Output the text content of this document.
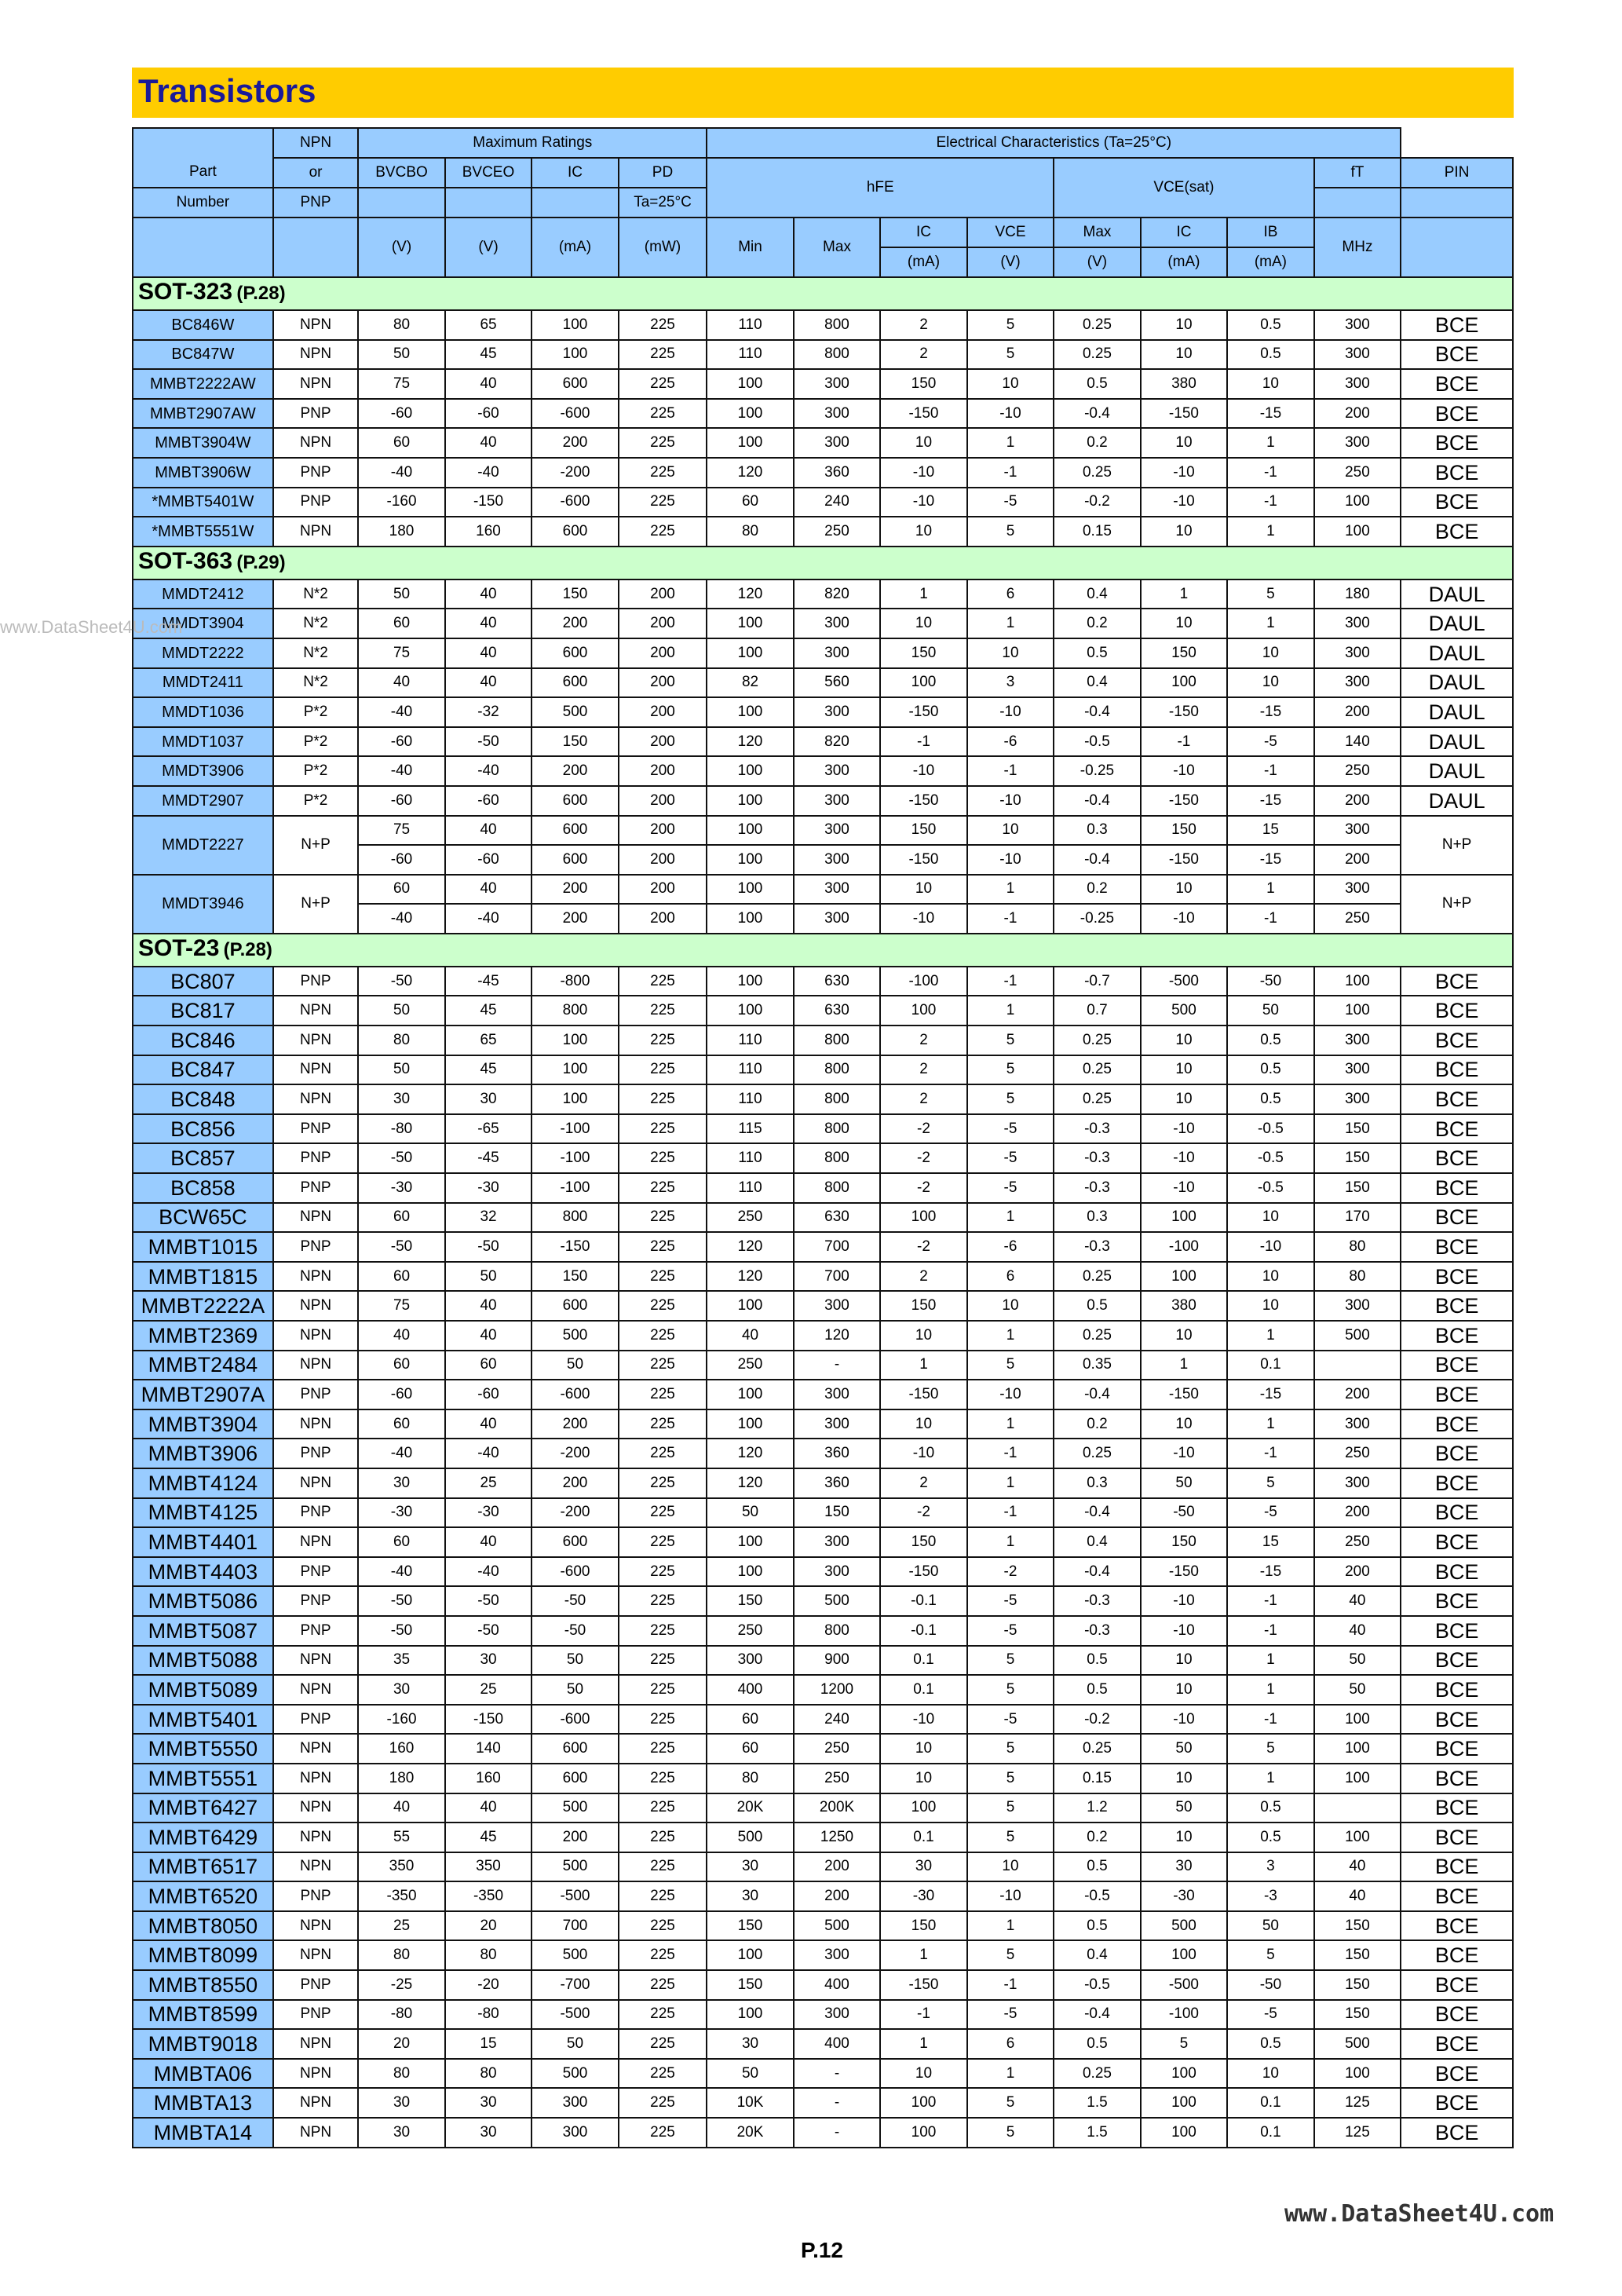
Transistors

Part	NPN	Maximum Ratings				Electrical Characteristics (Ta=25°C)							
	or	BVCBO	BVCEO	IC	PD	hFE				VCE(sat)			fT	PIN
Number	PNP				Ta=25°C									
		(V)	(V)	(mA)	(mW)	Min	Max	IC	VCE	Max	IC	IB	MHz	
								(mA)	(V)	(V)	(mA)	(mA)		
SOT-323 (P.28)														
BC846W	NPN	80	65	100	225	110	800	2	5	0.25	10	0.5	300	BCE
BC847W	NPN	50	45	100	225	110	800	2	5	0.25	10	0.5	300	BCE
MMBT2222AW	NPN	75	40	600	225	100	300	150	10	0.5	380	10	300	BCE
MMBT2907AW	PNP	-60	-60	-600	225	100	300	-150	-10	-0.4	-150	-15	200	BCE
MMBT3904W	NPN	60	40	200	225	100	300	10	1	0.2	10	1	300	BCE
MMBT3906W	PNP	-40	-40	-200	225	120	360	-10	-1	0.25	-10	-1	250	BCE
*MMBT5401W	PNP	-160	-150	-600	225	60	240	-10	-5	-0.2	-10	-1	100	BCE
*MMBT5551W	NPN	180	160	600	225	80	250	10	5	0.15	10	1	100	BCE
SOT-363 (P.29)														
MMDT2412	N*2	50	40	150	200	120	820	1	6	0.4	1	5	180	DAUL
MMDT3904	N*2	60	40	200	200	100	300	10	1	0.2	10	1	300	DAUL
MMDT2222	N*2	75	40	600	200	100	300	150	10	0.5	150	10	300	DAUL
MMDT2411	N*2	40	40	600	200	82	560	100	3	0.4	100	10	300	DAUL
MMDT1036	P*2	-40	-32	500	200	100	300	-150	-10	-0.4	-150	-15	200	DAUL
MMDT1037	P*2	-60	-50	150	200	120	820	-1	-6	-0.5	-1	-5	140	DAUL
MMDT3906	P*2	-40	-40	200	200	100	300	-10	-1	-0.25	-10	-1	250	DAUL
MMDT2907	P*2	-60	-60	600	200	100	300	-150	-10	-0.4	-150	-15	200	DAUL
MMDT2227	N+P	75	40	600	200	100	300	150	10	0.3	150	15	300	N+P
		-60	-60	600	200	100	300	-150	-10	-0.4	-150	-15	200	
MMDT3946	N+P	60	40	200	200	100	300	10	1	0.2	10	1	300	N+P
		-40	-40	200	200	100	300	-10	-1	-0.25	-10	-1	250	
SOT-23 (P.28)														
BC807	PNP	-50	-45	-800	225	100	630	-100	-1	-0.7	-500	-50	100	BCE
BC817	NPN	50	45	800	225	100	630	100	1	0.7	500	50	100	BCE
BC846	NPN	80	65	100	225	110	800	2	5	0.25	10	0.5	300	BCE
BC847	NPN	50	45	100	225	110	800	2	5	0.25	10	0.5	300	BCE
BC848	NPN	30	30	100	225	110	800	2	5	0.25	10	0.5	300	BCE
BC856	PNP	-80	-65	-100	225	115	800	-2	-5	-0.3	-10	-0.5	150	BCE
BC857	PNP	-50	-45	-100	225	110	800	-2	-5	-0.3	-10	-0.5	150	BCE
BC858	PNP	-30	-30	-100	225	110	800	-2	-5	-0.3	-10	-0.5	150	BCE
BCW65C	NPN	60	32	800	225	250	630	100	1	0.3	100	10	170	BCE
MMBT1015	PNP	-50	-50	-150	225	120	700	-2	-6	-0.3	-100	-10	80	BCE
MMBT1815	NPN	60	50	150	225	120	700	2	6	0.25	100	10	80	BCE
MMBT2222A	NPN	75	40	600	225	100	300	150	10	0.5	380	10	300	BCE
MMBT2369	NPN	40	40	500	225	40	120	10	1	0.25	10	1	500	BCE
MMBT2484	NPN	60	60	50	225	250	-	1	5	0.35	1	0.1		BCE
MMBT2907A	PNP	-60	-60	-600	225	100	300	-150	-10	-0.4	-150	-15	200	BCE
MMBT3904	NPN	60	40	200	225	100	300	10	1	0.2	10	1	300	BCE
MMBT3906	PNP	-40	-40	-200	225	120	360	-10	-1	0.25	-10	-1	250	BCE
MMBT4124	NPN	30	25	200	225	120	360	2	1	0.3	50	5	300	BCE
MMBT4125	PNP	-30	-30	-200	225	50	150	-2	-1	-0.4	-50	-5	200	BCE
MMBT4401	NPN	60	40	600	225	100	300	150	1	0.4	150	15	250	BCE
MMBT4403	PNP	-40	-40	-600	225	100	300	-150	-2	-0.4	-150	-15	200	BCE
MMBT5086	PNP	-50	-50	-50	225	150	500	-0.1	-5	-0.3	-10	-1	40	BCE
MMBT5087	PNP	-50	-50	-50	225	250	800	-0.1	-5	-0.3	-10	-1	40	BCE
MMBT5088	NPN	35	30	50	225	300	900	0.1	5	0.5	10	1	50	BCE
MMBT5089	NPN	30	25	50	225	400	1200	0.1	5	0.5	10	1	50	BCE
MMBT5401	PNP	-160	-150	-600	225	60	240	-10	-5	-0.2	-10	-1	100	BCE
MMBT5550	NPN	160	140	600	225	60	250	10	5	0.25	50	5	100	BCE
MMBT5551	NPN	180	160	600	225	80	250	10	5	0.15	10	1	100	BCE
MMBT6427	NPN	40	40	500	225	20K	200K	100	5	1.2	50	0.5		BCE
MMBT6429	NPN	55	45	200	225	500	1250	0.1	5	0.2	10	0.5	100	BCE
MMBT6517	NPN	350	350	500	225	30	200	30	10	0.5	30	3	40	BCE
MMBT6520	PNP	-350	-350	-500	225	30	200	-30	-10	-0.5	-30	-3	40	BCE
MMBT8050	NPN	25	20	700	225	150	500	150	1	0.5	500	50	150	BCE
MMBT8099	NPN	80	80	500	225	100	300	1	5	0.4	100	5	150	BCE
MMBT8550	PNP	-25	-20	-700	225	150	400	-150	-1	-0.5	-500	-50	150	BCE
MMBT8599	PNP	-80	-80	-500	225	100	300	-1	-5	-0.4	-100	-5	150	BCE
MMBT9018	NPN	20	15	50	225	30	400	1	6	0.5	5	0.5	500	BCE
MMBTA06	NPN	80	80	500	225	50	-	10	1	0.25	100	10	100	BCE
MMBTA13	NPN	30	30	300	225	10K	-	100	5	1.5	100	0.1	125	BCE
MMBTA14	NPN	30	30	300	225	20K	-	100	5	1.5	100	0.1	125	BCE
www.DataSheet4U.com
www.DataSheet4U.com
P.12
